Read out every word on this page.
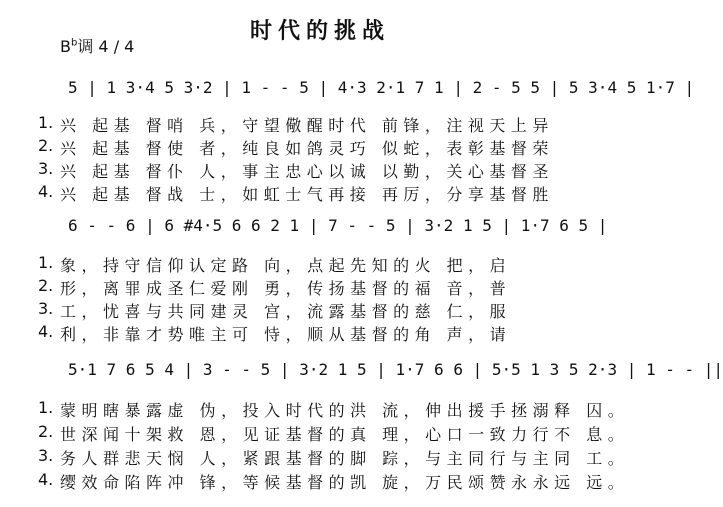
时代的挑战
$B^b$调 4 / 4
5 | 1 3·4 5 3·2 | 1 - - 5 | 4·3 2·1 7 1 | 2 - 5 5 | 5 3·4 5 1·7 |
1. 兴 起基 督哨 兵，守望儆醒时代 前锋，注视天上异
2. 兴 起基 督使 者，纯良如鸽灵巧 似蛇，表彰基督荣
3. 兴 起基 督仆 人，事主忠心以诚 以勤，关心基督圣
4. 兴 起基 督战 士，如虹士气再接 再厉，分享基督胜
6 - - 6 | 6 #4·5 6 6 2 1 | 7 - - 5 | 3·2 1 5 | 1·7 6 5 |
1. 象，持守信仰认定路 向，点起先知的火 把，启
2. 形，离罪成圣仁爱刚 勇，传扬基督的福 音，普
3. 工，忧喜与共同建灵 宫，流露基督的慈 仁，服
4. 利，非靠才势唯主可 恃，顺从基督的角 声，请
5·1 7 6 5 4 | 3 - - 5 | 3·2 1 5 | 1·7 6 6 | 5·5 1 3 5 2·3 | 1 - - ||
1. 蒙明瞎暴露虚 伪，投入时代的洪 流，伸出援手拯溺释 囚。
2. 世深闻十架救 恩，见证基督的真 理，心口一致力行不 息。
3. 务人群悲天悯 人，紧跟基督的脚 踪，与主同行与主同 工。
4. 缨效命陷阵冲 锋，等候基督的凯 旋，万民颂赞永永远 远。
